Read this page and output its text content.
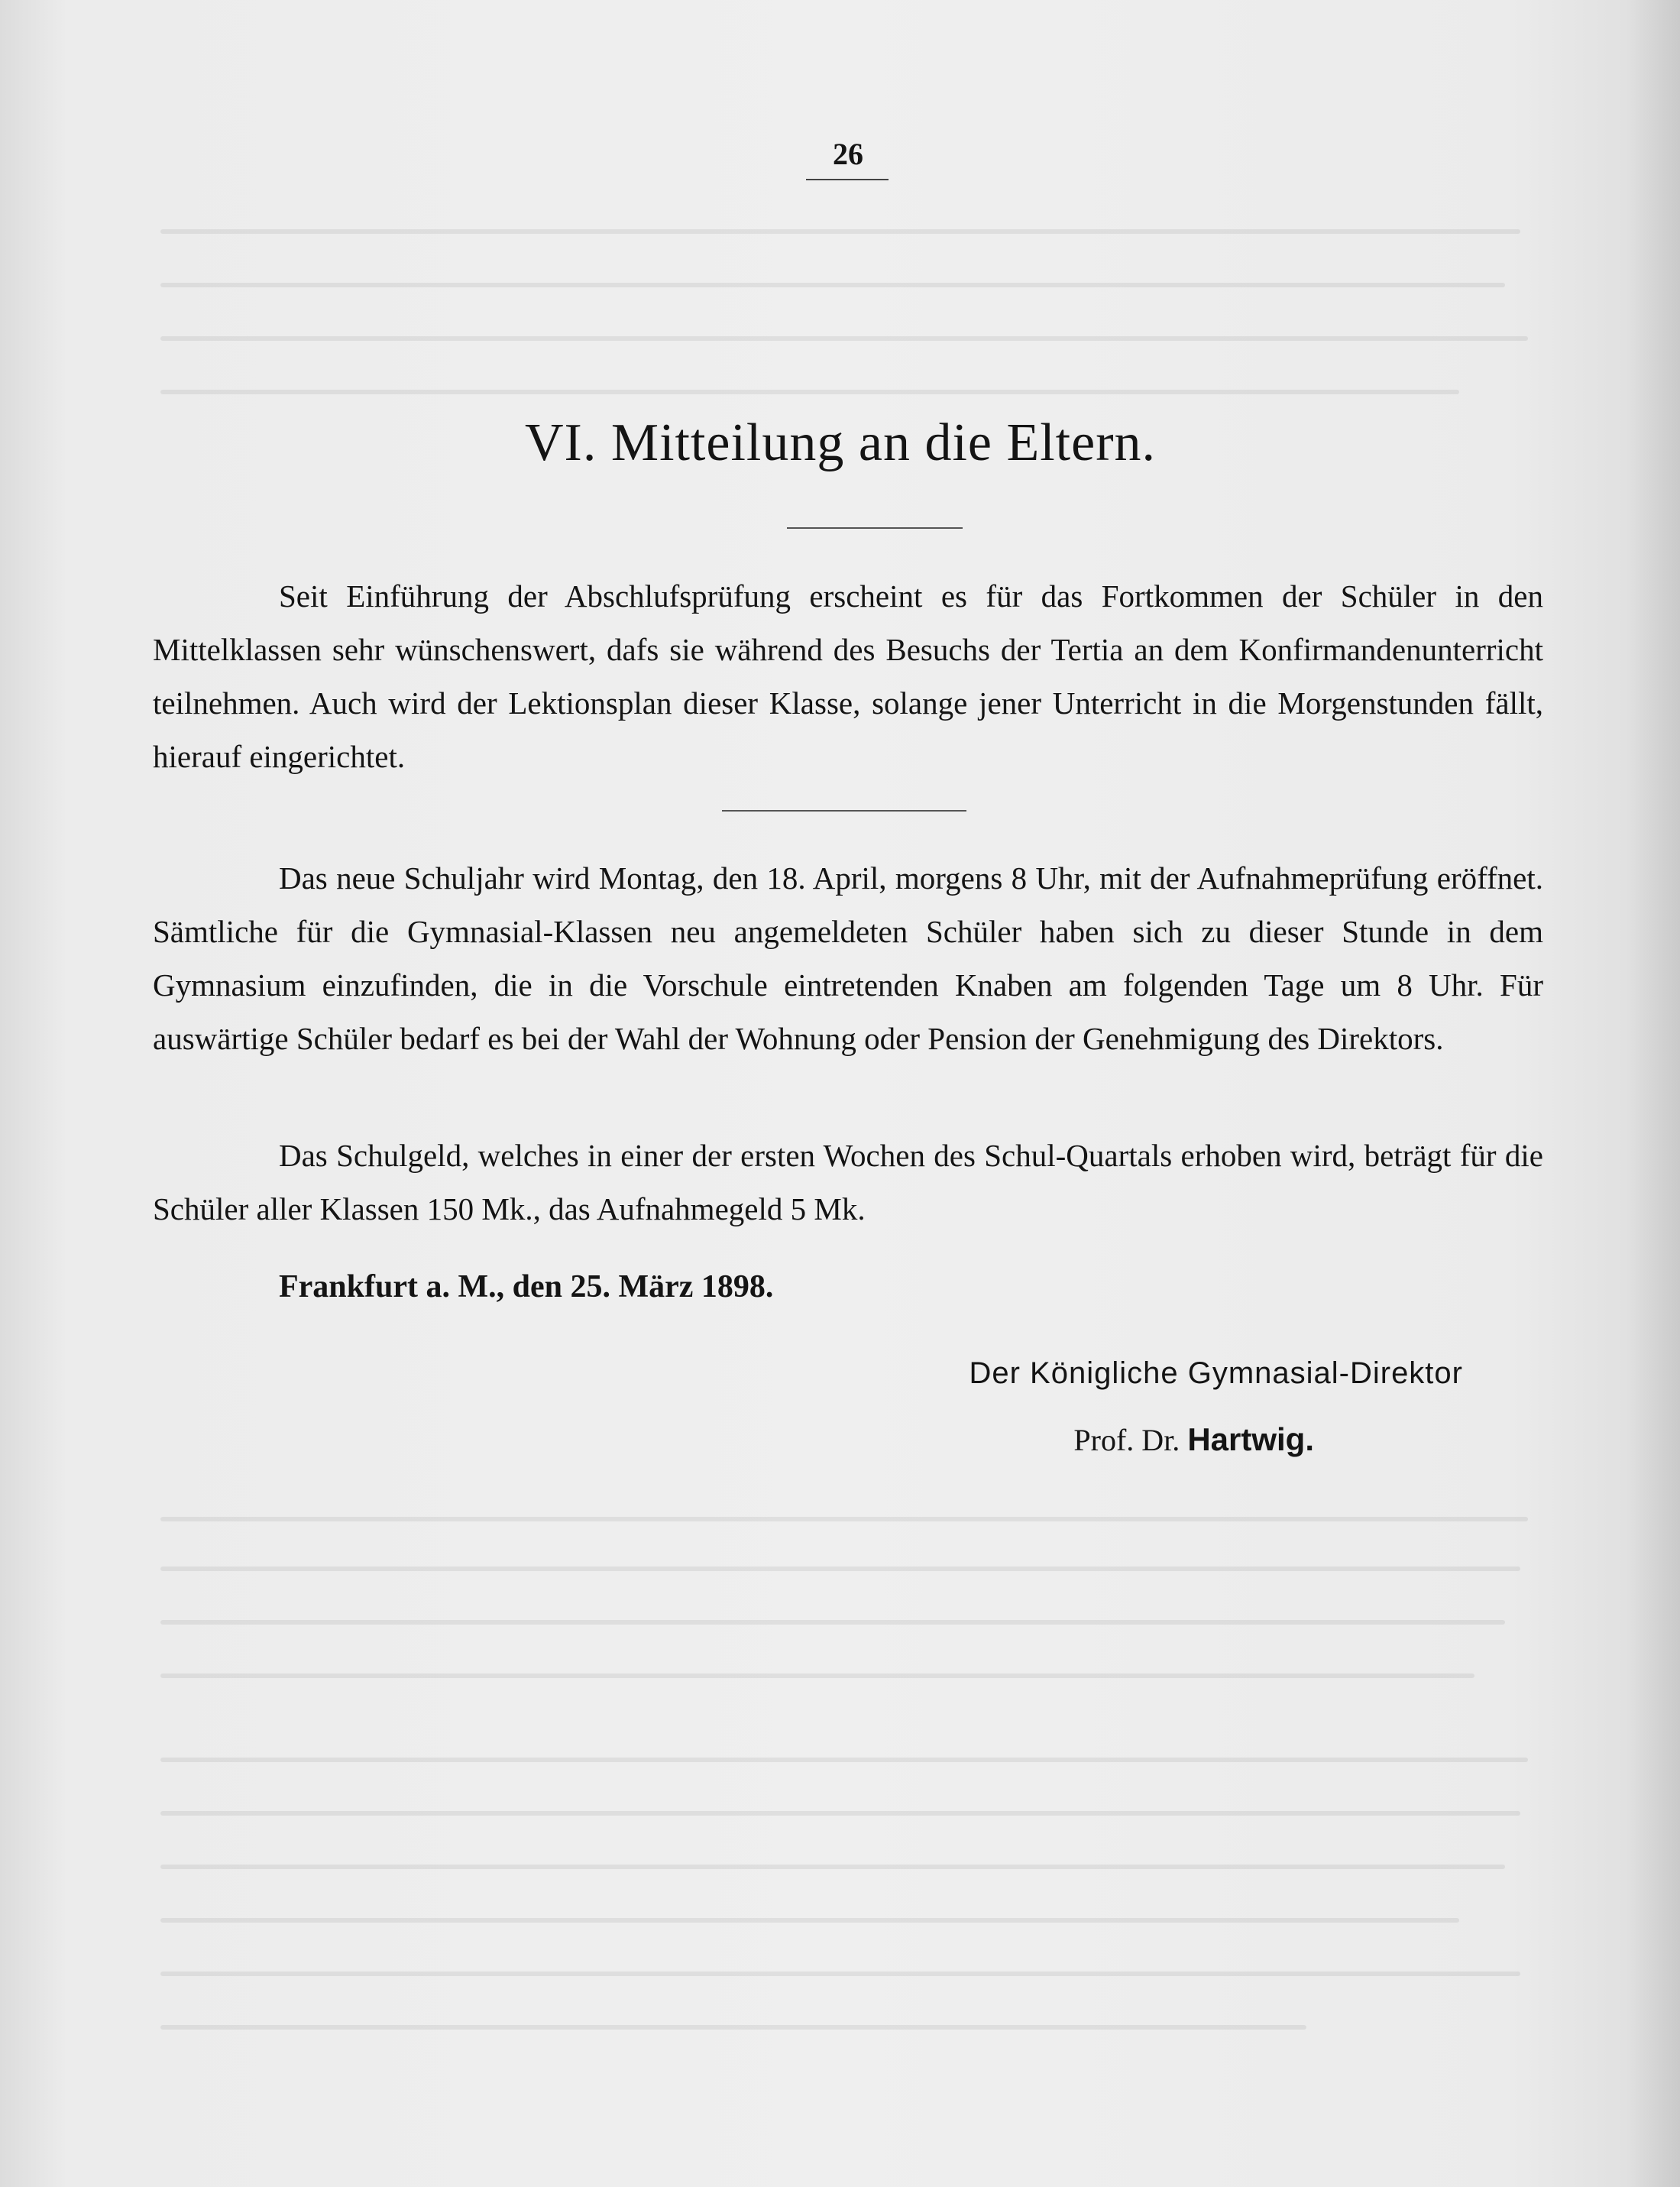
26
VI. Mitteilung an die Eltern.

Seit Einführung der Abschlufsprüfung erscheint es für das Fortkommen der Schüler in den Mittelklassen sehr wünschenswert, dafs sie während des Besuchs der Tertia an dem Konfirmandenunterricht teilnehmen. Auch wird der Lektionsplan dieser Klasse, solange jener Unterricht in die Morgenstunden fällt, hierauf eingerichtet.

Das neue Schuljahr wird Montag, den 18. April, morgens 8 Uhr, mit der Aufnahmeprüfung eröffnet. Sämtliche für die Gymnasial-Klassen neu angemeldeten Schüler haben sich zu dieser Stunde in dem Gymnasium einzufinden, die in die Vorschule eintretenden Knaben am folgenden Tage um 8 Uhr. Für auswärtige Schüler bedarf es bei der Wahl der Wohnung oder Pension der Genehmigung des Direktors.

Das Schulgeld, welches in einer der ersten Wochen des Schul-Quartals erhoben wird, beträgt für die Schüler aller Klassen 150 Mk., das Aufnahmegeld 5 Mk.

Frankfurt a. M., den 25. März 1898.
Der Königliche Gymnasial-Direktor
Prof. Dr. Hartwig.
